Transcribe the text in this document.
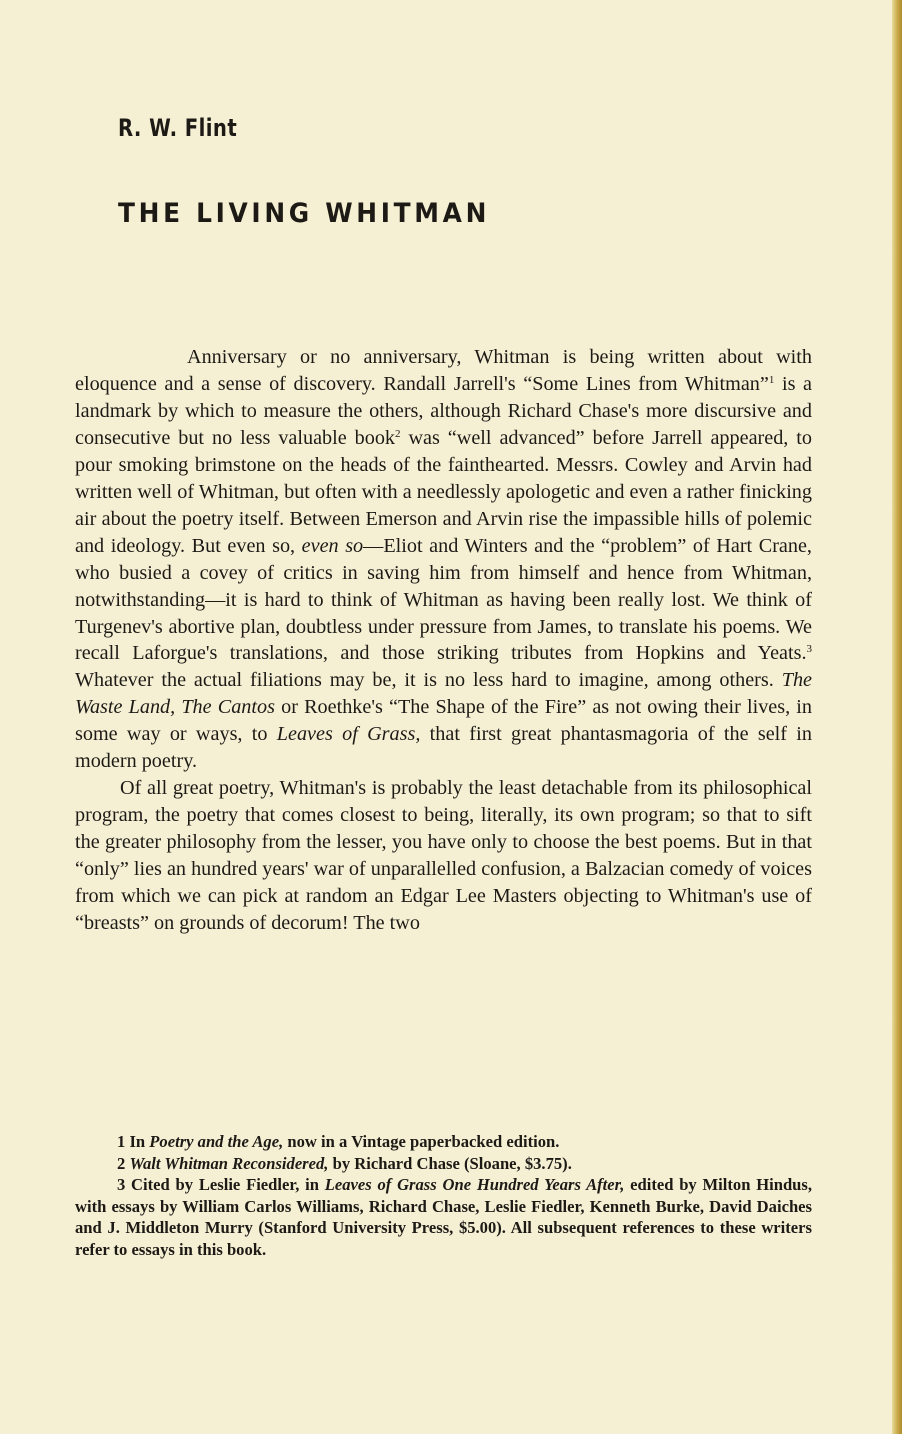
R. W. Flint
THE LIVING WHITMAN

Anniversary or no anniversary, Whitman is being written about with eloquence and a sense of discovery. Randall Jarrell's “Some Lines from Whitman”$^1$ is a landmark by which to measure the others, although Richard Chase's more discursive and consecutive but no less valuable book$^2$ was “well advanced” before Jarrell appeared, to pour smoking brimstone on the heads of the fainthearted. Messrs. Cowley and Arvin had written well of Whitman, but often with a needlessly apologetic and even a rather finicking air about the poetry itself. Between Emerson and Arvin rise the impassible hills of polemic and ideology. But even so, even so—Eliot and Winters and the “problem” of Hart Crane, who busied a covey of critics in saving him from himself and hence from Whitman, notwithstanding—it is hard to think of Whitman as having been really lost. We think of Turgenev's abortive plan, doubtless under pressure from James, to translate his poems. We recall Laforgue's translations, and those striking tributes from Hopkins and Yeats.$^3$ Whatever the actual filiations may be, it is no less hard to imagine, among others. The Waste Land, The Cantos or Roethke's “The Shape of the Fire” as not owing their lives, in some way or ways, to Leaves of Grass, that first great phantasmagoria of the self in modern poetry.

Of all great poetry, Whitman's is probably the least detachable from its philosophical program, the poetry that comes closest to being, literally, its own program; so that to sift the greater philosophy from the lesser, you have only to choose the best poems. But in that “only” lies an hundred years' war of unparallelled confusion, a Balzacian comedy of voices from which we can pick at random an Edgar Lee Masters objecting to Whitman's use of “breasts” on grounds of decorum! The two

1 In Poetry and the Age, now in a Vintage paperbacked edition.

2 Walt Whitman Reconsidered, by Richard Chase (Sloane, $3.75).

3 Cited by Leslie Fiedler, in Leaves of Grass One Hundred Years After, edited by Milton Hindus, with essays by William Carlos Williams, Richard Chase, Leslie Fiedler, Kenneth Burke, David Daiches and J. Middleton Murry (Stanford University Press, $5.00). All subsequent references to these writers refer to essays in this book.
